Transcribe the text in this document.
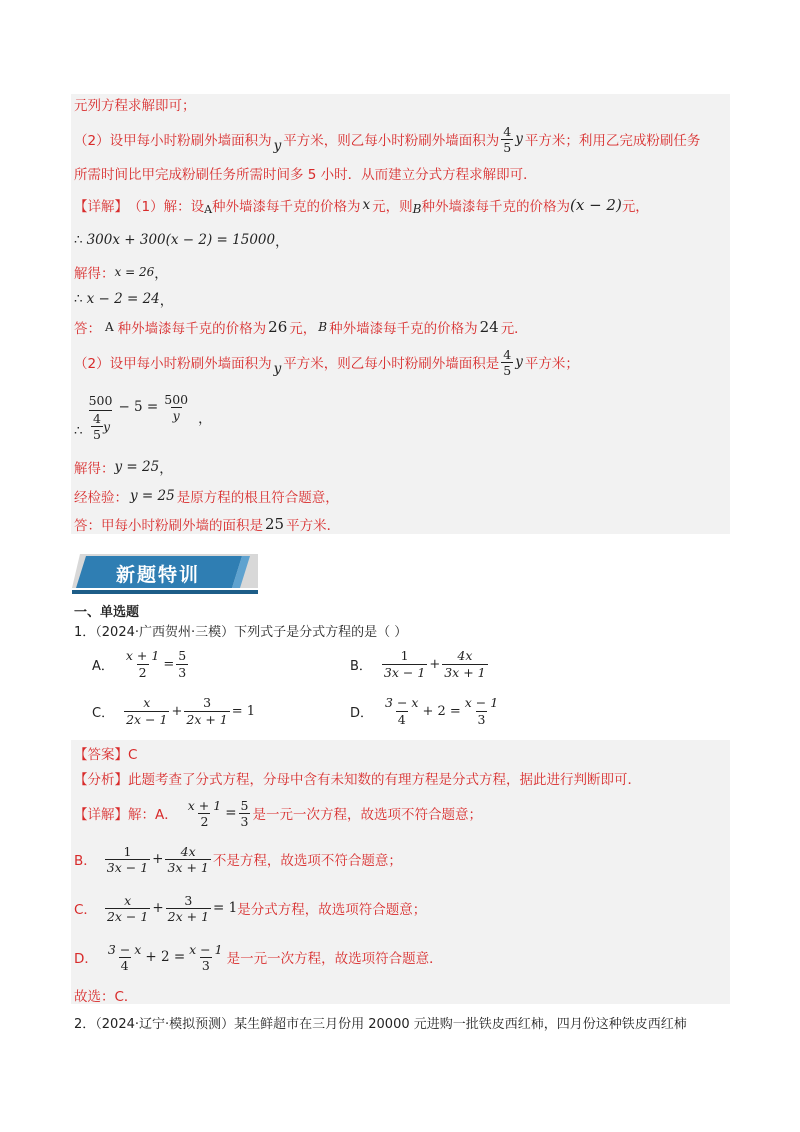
元列方程求解即可；
（2）设甲每小时粉刷外墙面积为 y 平方米，则乙每小时粉刷外墙面积为 $\frac{4}{5}$ y 平方米；利用乙完成粉刷任务
所需时间比甲完成粉刷任务所需时间多 5 小时．从而建立分式方程求解即可．
【详解】 （1）解：设 A 种外墙漆每千克的价格为 x 元，则 B 种外墙漆每千克的价格为 (x − 2) 元，
∴ 300x + 300(x − 2) = 15000 ，
解得： x = 26 ，
∴ x − 2 = 24 ，
答： A 种外墙漆每千克的价格为 26 元， B 种外墙漆每千克的价格为 24 元．
（2）设甲每小时粉刷外墙面积为 y 平方米，则乙每小时粉刷外墙面积是 $\frac{4}{5}$ y 平方米；
∴ $\frac{500}{\frac{4}{5} y} - 5 = \frac{500}{y}$ ，
解得： y = 25 ，
经检验： y = 25 是原方程的根且符合题意，
答：甲每小时粉刷外墙的面积是 25 平方米．
新题特训
一、单选题
1．（2024·广西贺州·三模）下列式子是分式方程的是（ ）
A． $\frac{x + 1}{2} = \frac{5}{3}$	B． $\frac{1}{3x - 1} + \frac{4x}{3x + 1}$
C． $\frac{x}{2x - 1} + \frac{3}{2x + 1} = 1$	D． $\frac{3 - x}{4} + 2 = \frac{x - 1}{3}$
【答案】C
【分析】此题考查了分式方程，分母中含有未知数的有理方程是分式方程，据此进行判断即可．
【详解】 解：A． $\frac{x + 1}{2} = \frac{5}{3}$ 是一元一次方程，故选项不符合题意；
B． $\frac{1}{3x - 1} + \frac{4x}{3x + 1}$ 不是方程，故选项不符合题意；
C． $\frac{x}{2x - 1} + \frac{3}{2x + 1} = 1$ 是分式方程，故选项符合题意；
D． $\frac{3 - x}{4} + 2 = \frac{x - 1}{3}$ 是一元一次方程，故选项符合题意．
故选：C．
2．（2024·辽宁·模拟预测）某生鲜超市在三月份用 20000 元进购一批铁皮西红柿，四月份这种铁皮西红柿
